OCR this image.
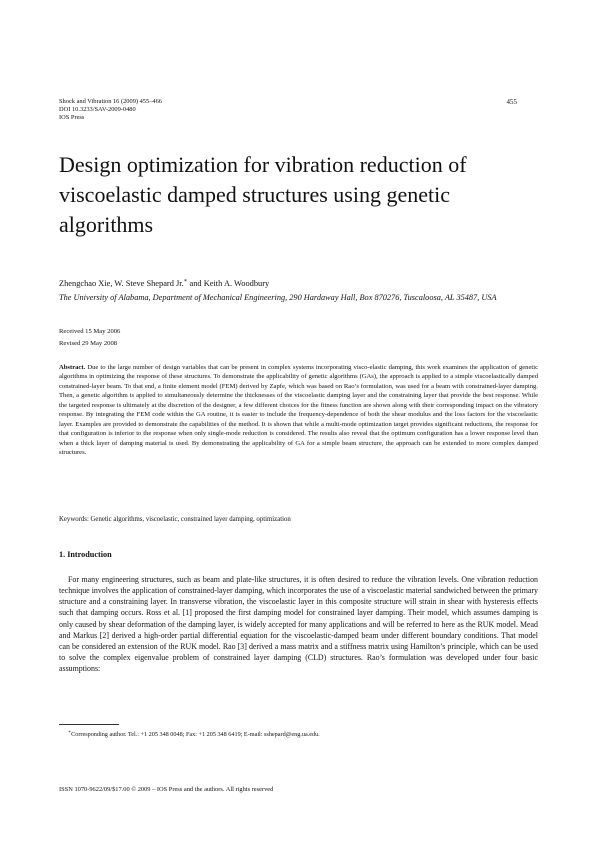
Shock and Vibration 16 (2009) 455–466
DOI 10.3233/SAV-2009-0480
IOS Press
455
Design optimization for vibration reduction of viscoelastic damped structures using genetic algorithms
Zhengchao Xie, W. Steve Shepard Jr.∗ and Keith A. Woodbury
The University of Alabama, Department of Mechanical Engineering, 290 Hardaway Hall, Box 870276, Tuscaloosa, AL 35487, USA
Received 15 May 2006
Revised 29 May 2008

Abstract. Due to the large number of design variables that can be present in complex systems incorporating visco-elastic damping, this work examines the application of genetic algorithms in optimizing the response of these structures. To demonstrate the applicability of genetic algorithms (GAs), the approach is applied to a simple viscoelastically damped constrained-layer beam. To that end, a finite element model (FEM) derived by Zapfe, which was based on Rao’s formulation, was used for a beam with constrained-layer damping. Then, a genetic algorithm is applied to simultaneously determine the thicknesses of the viscoelastic damping layer and the constraining layer that provide the best response. While the targeted response is ultimately at the discretion of the designer, a few different choices for the fitness function are shown along with their corresponding impact on the vibratory response. By integrating the FEM code within the GA routine, it is easier to include the frequency-dependence of both the shear modulus and the loss factors for the viscoelastic layer. Examples are provided to demonstrate the capabilities of the method. It is shown that while a multi-mode optimization target provides significant reductions, the response for that configuration is inferior to the response when only single-mode reduction is considered. The results also reveal that the optimum configuration has a lower response level than when a thick layer of damping material is used. By demonstrating the applicability of GA for a simple beam structure, the approach can be extended to more complex damped structures.

Keywords: Genetic algorithms, viscoelastic, constrained layer damping, optimization
1. Introduction

For many engineering structures, such as beam and plate-like structures, it is often desired to reduce the vibration levels. One vibration reduction technique involves the application of constrained-layer damping, which incorporates the use of a viscoelastic material sandwiched between the primary structure and a constraining layer. In transverse vibration, the viscoelastic layer in this composite structure will strain in shear with hysteresis effects such that damping occurs. Ross et al. [1] proposed the first damping model for constrained layer damping. Their model, which assumes damping is only caused by shear deformation of the damping layer, is widely accepted for many applications and will be referred to here as the RUK model. Mead and Markus [2] derived a high-order partial differential equation for the viscoelastic-damped beam under different boundary conditions. That model can be considered an extension of the RUK model. Rao [3] derived a mass matrix and a stiffness matrix using Hamilton’s principle, which can be used to solve the complex eigenvalue problem of constrained layer damping (CLD) structures. Rao’s formulation was developed under four basic assumptions:

∗Corresponding author. Tel.: +1 205 348 0048; Fax: +1 205 348 6419; E-mail: sshepard@eng.ua.edu.
ISSN 1070-9622/09/$17.00 © 2009 – IOS Press and the authors. All rights reserved
